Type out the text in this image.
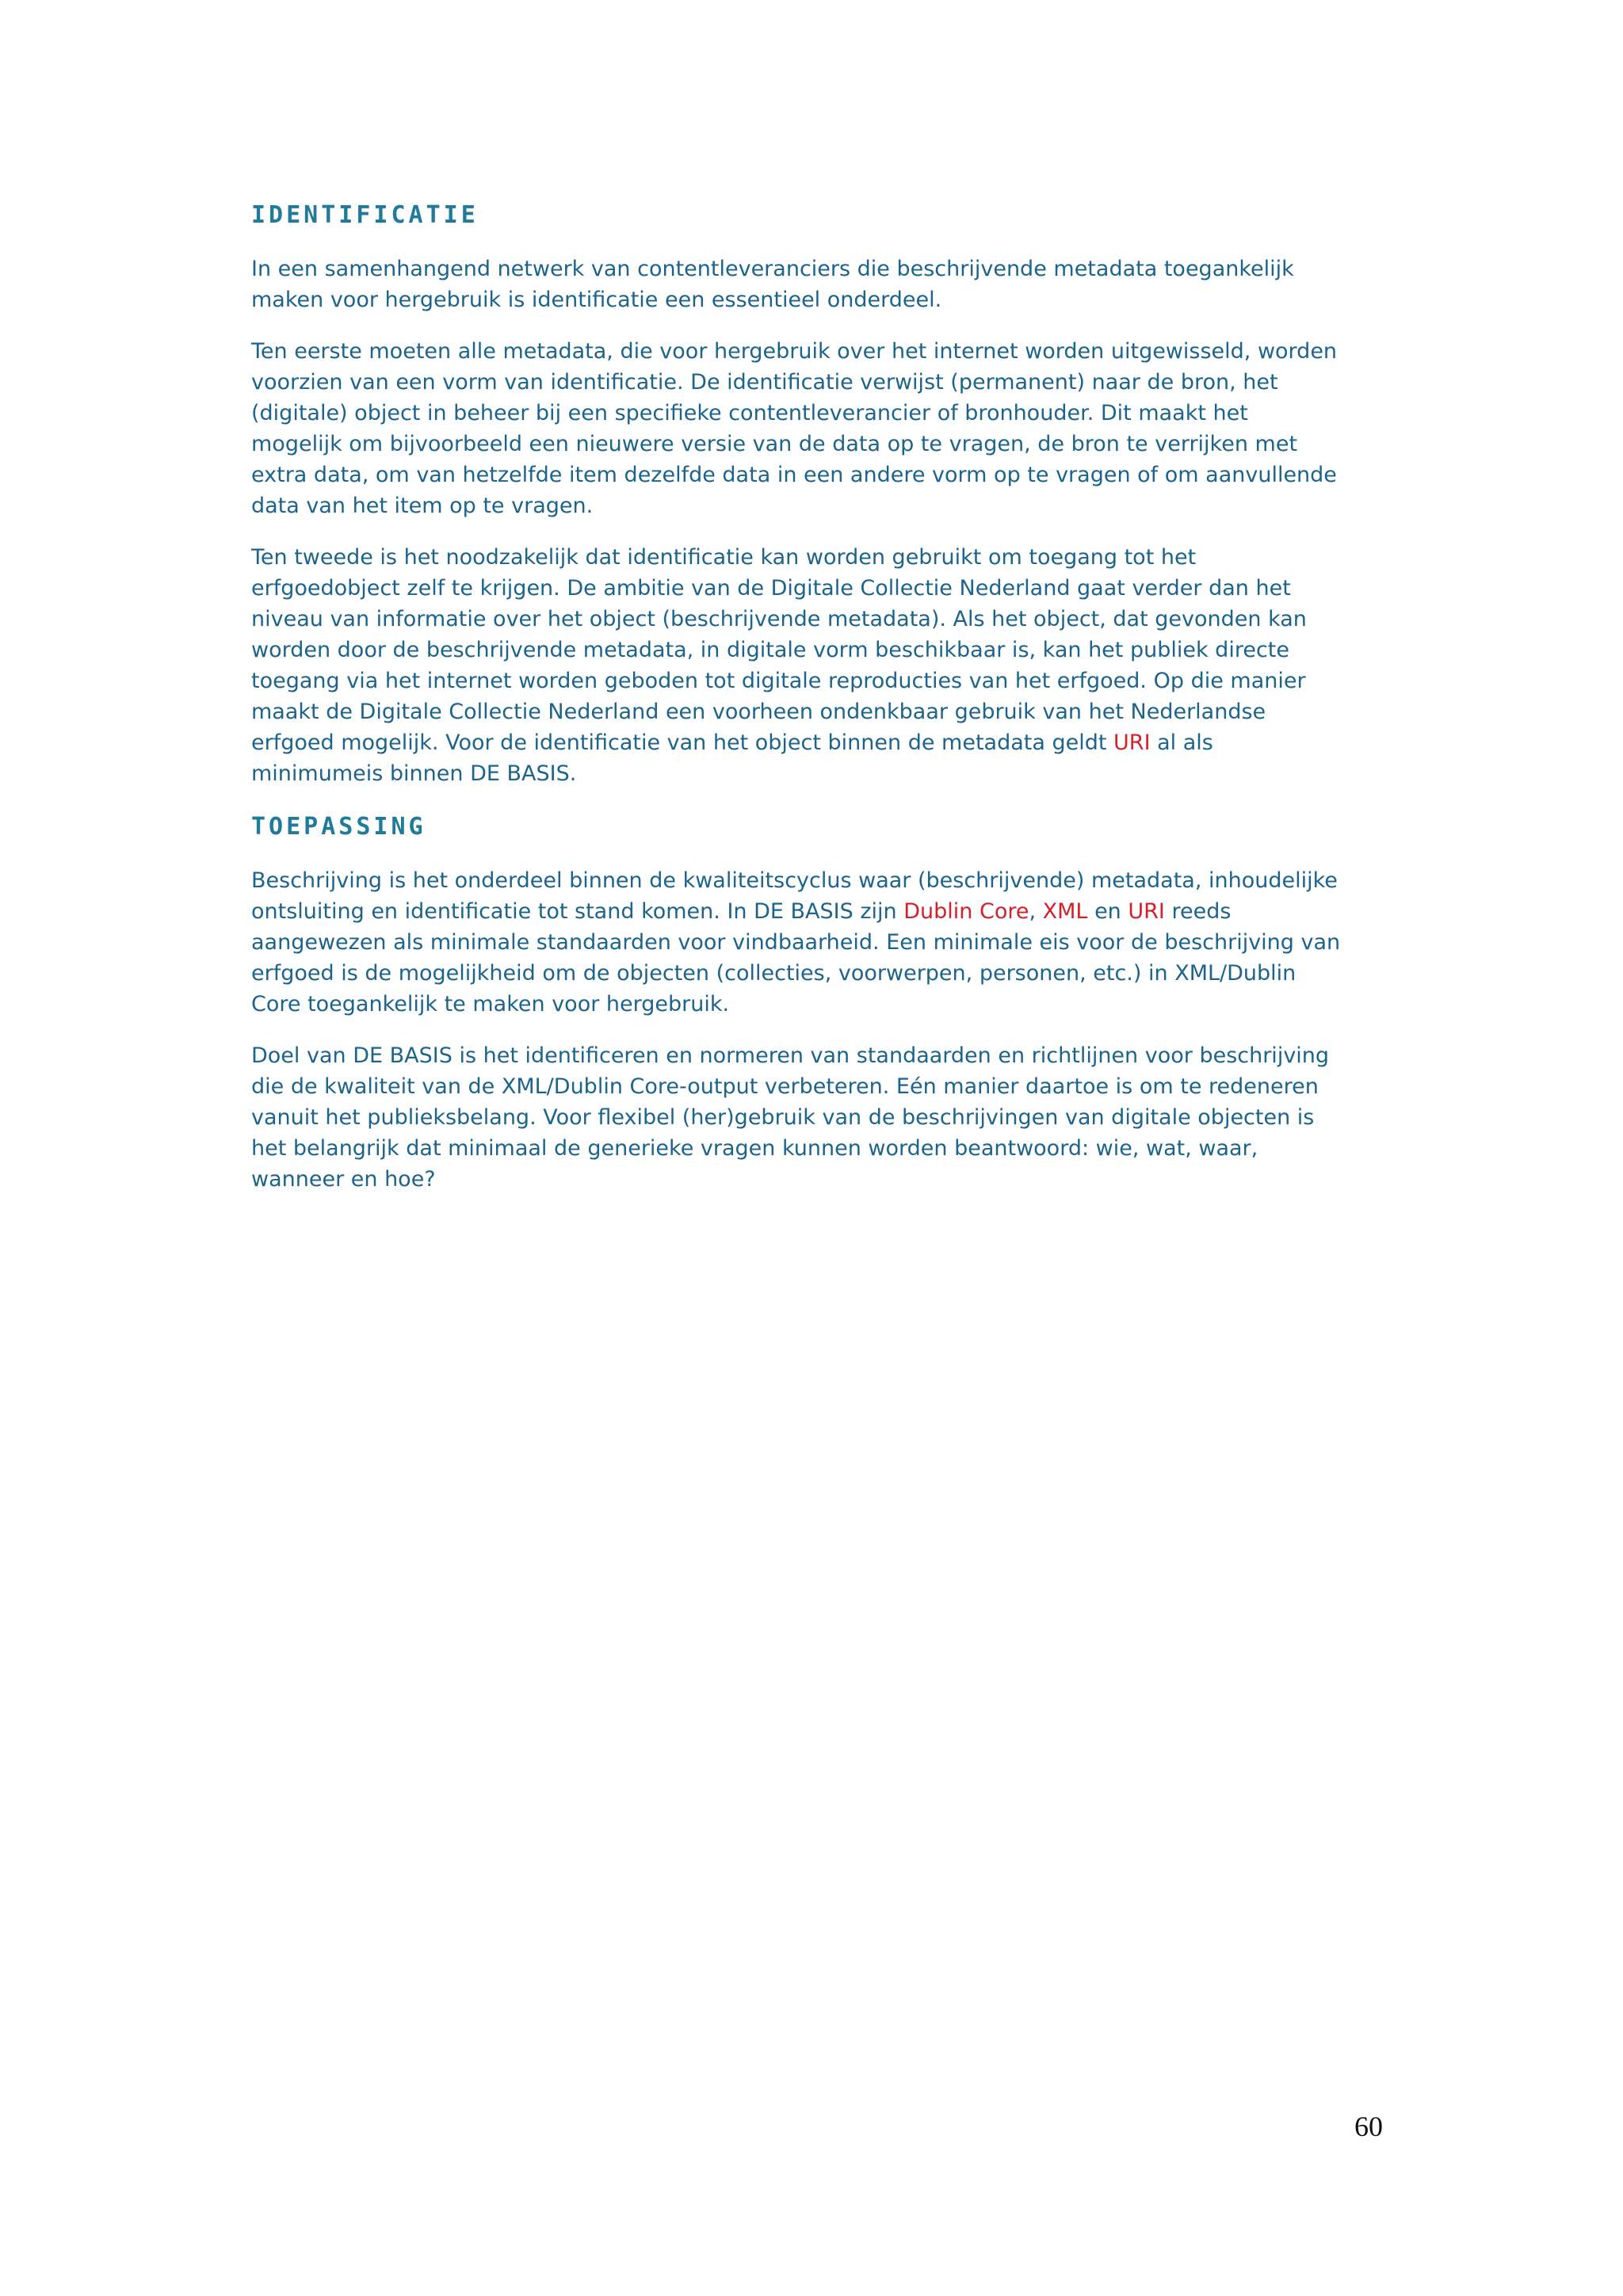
IDENTIFICATIE

In een samenhangend netwerk van contentleveranciers die beschrijvende metadata toegankelijk maken voor hergebruik is identificatie een essentieel onderdeel.

Ten eerste moeten alle metadata, die voor hergebruik over het internet worden uitgewisseld, worden voorzien van een vorm van identificatie. De identificatie verwijst (permanent) naar de bron, het (digitale) object in beheer bij een specifieke contentleverancier of bronhouder. Dit maakt het mogelijk om bijvoorbeeld een nieuwere versie van de data op te vragen, de bron te verrijken met extra data, om van hetzelfde item dezelfde data in een andere vorm op te vragen of om aanvullende data van het item op te vragen.

Ten tweede is het noodzakelijk dat identificatie kan worden gebruikt om toegang tot het erfgoedobject zelf te krijgen. De ambitie van de Digitale Collectie Nederland gaat verder dan het niveau van informatie over het object (beschrijvende metadata). Als het object, dat gevonden kan worden door de beschrijvende metadata, in digitale vorm beschikbaar is, kan het publiek directe toegang via het internet worden geboden tot digitale reproducties van het erfgoed. Op die manier maakt de Digitale Collectie Nederland een voorheen ondenkbaar gebruik van het Nederlandse erfgoed mogelijk. Voor de identificatie van het object binnen de metadata geldt URI al als minimumeis binnen DE BASIS.

TOEPASSING

Beschrijving is het onderdeel binnen de kwaliteitscyclus waar (beschrijvende) metadata, inhoudelijke ontsluiting en identificatie tot stand komen. In DE BASIS zijn Dublin Core, XML en URI reeds aangewezen als minimale standaarden voor vindbaarheid. Een minimale eis voor de beschrijving van erfgoed is de mogelijkheid om de objecten (collecties, voorwerpen, personen, etc.) in XML/Dublin Core toegankelijk te maken voor hergebruik.

Doel van DE BASIS is het identificeren en normeren van standaarden en richtlijnen voor beschrijving die de kwaliteit van de XML/Dublin Core-output verbeteren. Eén manier daartoe is om te redeneren vanuit het publieksbelang. Voor flexibel (her)gebruik van de beschrijvingen van digitale objecten is het belangrijk dat minimaal de generieke vragen kunnen worden beantwoord: wie, wat, waar, wanneer en hoe?

60
